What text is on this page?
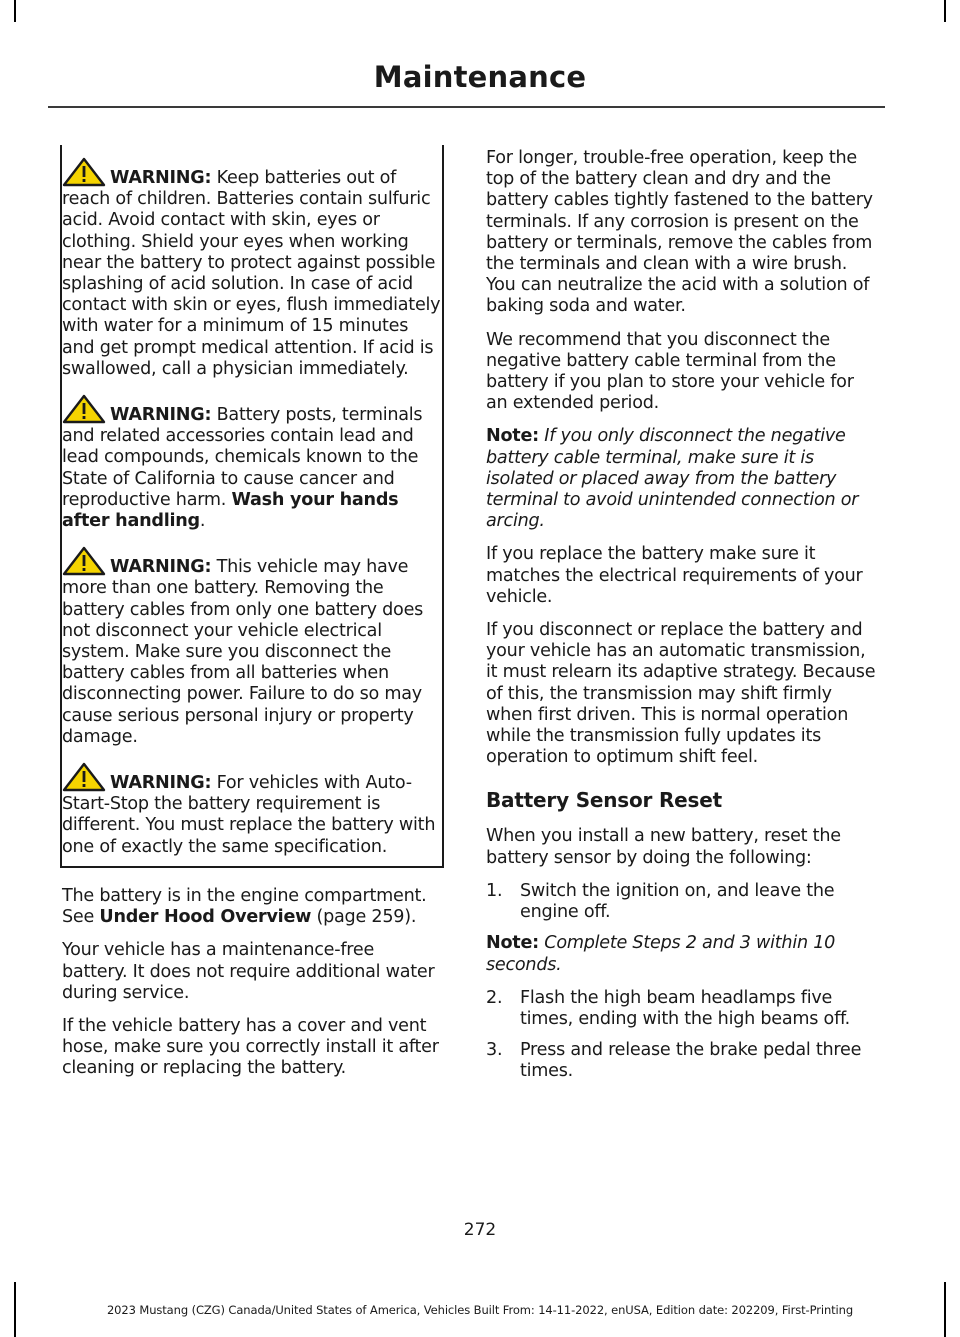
Maintenance

WARNING: Keep batteries out of reach of children. Batteries contain sulfuric acid. Avoid contact with skin, eyes or clothing. Shield your eyes when working near the battery to protect against possible splashing of acid solution. In case of acid contact with skin or eyes, flush immediately with water for a minimum of 15 minutes and get prompt medical attention. If acid is swallowed, call a physician immediately.

WARNING: Battery posts, terminals and related accessories contain lead and lead compounds, chemicals known to the State of California to cause cancer and reproductive harm. Wash your hands after handling.

WARNING: This vehicle may have more than one battery. Removing the battery cables from only one battery does not disconnect your vehicle electrical system. Make sure you disconnect the battery cables from all batteries when disconnecting power. Failure to do so may cause serious personal injury or property damage.

WARNING: For vehicles with Auto-Start-Stop the battery requirement is different. You must replace the battery with one of exactly the same specification.

The battery is in the engine compartment. See Under Hood Overview (page 259).

Your vehicle has a maintenance-free battery. It does not require additional water during service.

If the vehicle battery has a cover and vent hose, make sure you correctly install it after cleaning or replacing the battery.

For longer, trouble-free operation, keep the top of the battery clean and dry and the battery cables tightly fastened to the battery terminals. If any corrosion is present on the battery or terminals, remove the cables from the terminals and clean with a wire brush. You can neutralize the acid with a solution of baking soda and water.

We recommend that you disconnect the negative battery cable terminal from the battery if you plan to store your vehicle for an extended period.

Note: If you only disconnect the negative battery cable terminal, make sure it is isolated or placed away from the battery terminal to avoid unintended connection or arcing.

If you replace the battery make sure it matches the electrical requirements of your vehicle.

If you disconnect or replace the battery and your vehicle has an automatic transmission, it must relearn its adaptive strategy. Because of this, the transmission may shift firmly when first driven. This is normal operation while the transmission fully updates its operation to optimum shift feel.

Battery Sensor Reset

When you install a new battery, reset the battery sensor by doing the following:

1. Switch the ignition on, and leave the engine off.

Note: Complete Steps 2 and 3 within 10 seconds.

2. Flash the high beam headlamps five times, ending with the high beams off.
3. Press and release the brake pedal three times.
272
2023 Mustang (CZG) Canada/United States of America, Vehicles Built From: 14-11-2022, enUSA, Edition date: 202209, First-Printing
